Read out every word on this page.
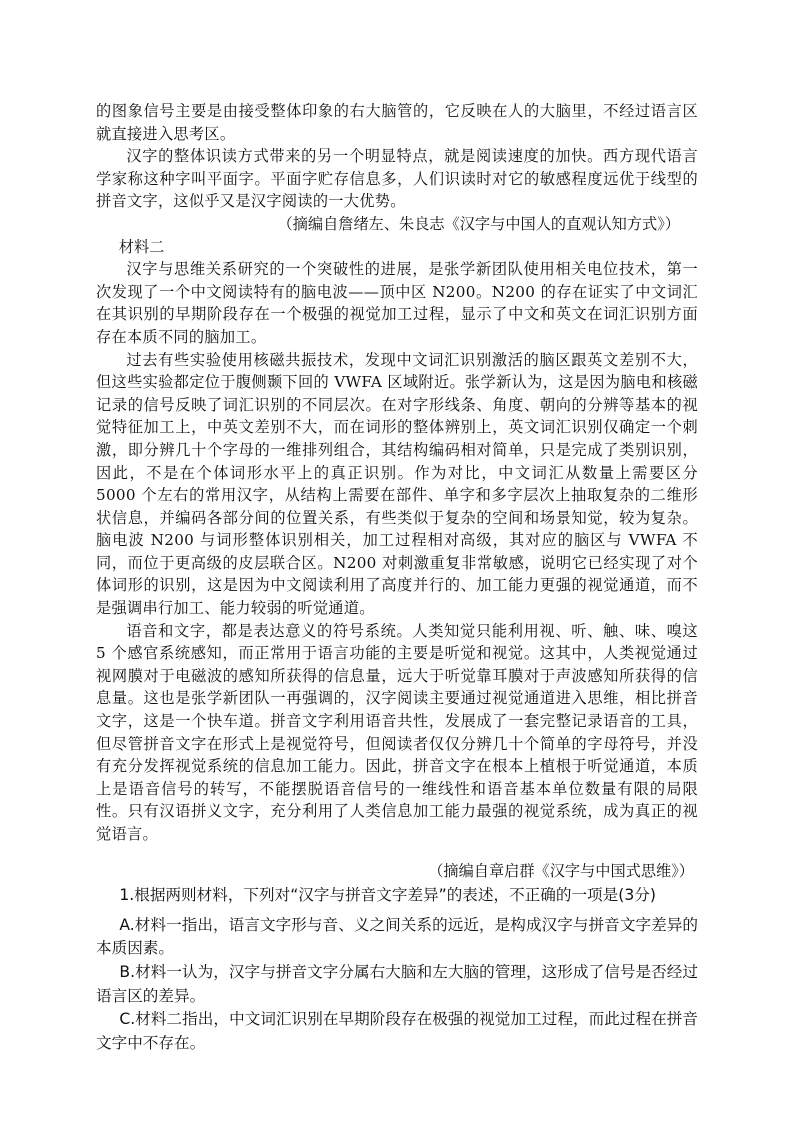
的图象信号主要是由接受整体印象的右大脑管的，它反映在人的大脑里，不经过语言区就直接进入思考区。

汉字的整体识读方式带来的另一个明显特点，就是阅读速度的加快。西方现代语言学家称这种字叫平面字。平面字贮存信息多，人们识读时对它的敏感程度远优于线型的拼音文字，这似乎又是汉字阅读的一大优势。

（摘编自詹绪左、朱良志《汉字与中国人的直观认知方式》）

材料二

汉字与思维关系研究的一个突破性的进展，是张学新团队使用相关电位技术，第一次发现了一个中文阅读特有的脑电波——顶中区 N200。N200 的存在证实了中文词汇在其识别的早期阶段存在一个极强的视觉加工过程，显示了中文和英文在词汇识别方面存在本质不同的脑加工。

过去有些实验使用核磁共振技术，发现中文词汇识别激活的脑区跟英文差别不大，但这些实验都定位于腹侧颞下回的 VWFA 区域附近。张学新认为，这是因为脑电和核磁记录的信号反映了词汇识别的不同层次。在对字形线条、角度、朝向的分辨等基本的视觉特征加工上，中英文差别不大，而在词形的整体辨别上，英文词汇识别仅确定一个刺激，即分辨几十个字母的一维排列组合，其结构编码相对简单，只是完成了类别识别，因此，不是在个体词形水平上的真正识别。作为对比，中文词汇从数量上需要区分 5000 个左右的常用汉字，从结构上需要在部件、单字和多字层次上抽取复杂的二维形状信息，并编码各部分间的位置关系，有些类似于复杂的空间和场景知觉，较为复杂。脑电波 N200 与词形整体识别相关，加工过程相对高级，其对应的脑区与 VWFA 不同，而位于更高级的皮层联合区。N200 对刺激重复非常敏感，说明它已经实现了对个体词形的识别，这是因为中文阅读利用了高度并行的、加工能力更强的视觉通道，而不是强调串行加工、能力较弱的听觉通道。

语音和文字，都是表达意义的符号系统。人类知觉只能利用视、听、触、味、嗅这 5 个感官系统感知，而正常用于语言功能的主要是听觉和视觉。这其中，人类视觉通过视网膜对于电磁波的感知所获得的信息量，远大于听觉靠耳膜对于声波感知所获得的信息量。这也是张学新团队一再强调的，汉字阅读主要通过视觉通道进入思维，相比拼音文字，这是一个快车道。拼音文字利用语音共性，发展成了一套完整记录语音的工具，但尽管拼音文字在形式上是视觉符号，但阅读者仅仅分辨几十个简单的字母符号，并没有充分发挥视觉系统的信息加工能力。因此，拼音文字在根本上植根于听觉通道，本质上是语音信号的转写，不能摆脱语音信号的一维线性和语音基本单位数量有限的局限性。只有汉语拼义文字，充分利用了人类信息加工能力最强的视觉系统，成为真正的视觉语言。

（摘编自章启群《汉字与中国式思维》）

1.根据两则材料，下列对“汉字与拼音文字差异”的表述，不正确的一项是(3分)

A.材料一指出，语言文字形与音、义之间关系的远近，是构成汉字与拼音文字差异的本质因素。

B.材料一认为，汉字与拼音文字分属右大脑和左大脑的管理，这形成了信号是否经过语言区的差异。

C.材料二指出，中文词汇识别在早期阶段存在极强的视觉加工过程，而此过程在拼音文字中不存在。
